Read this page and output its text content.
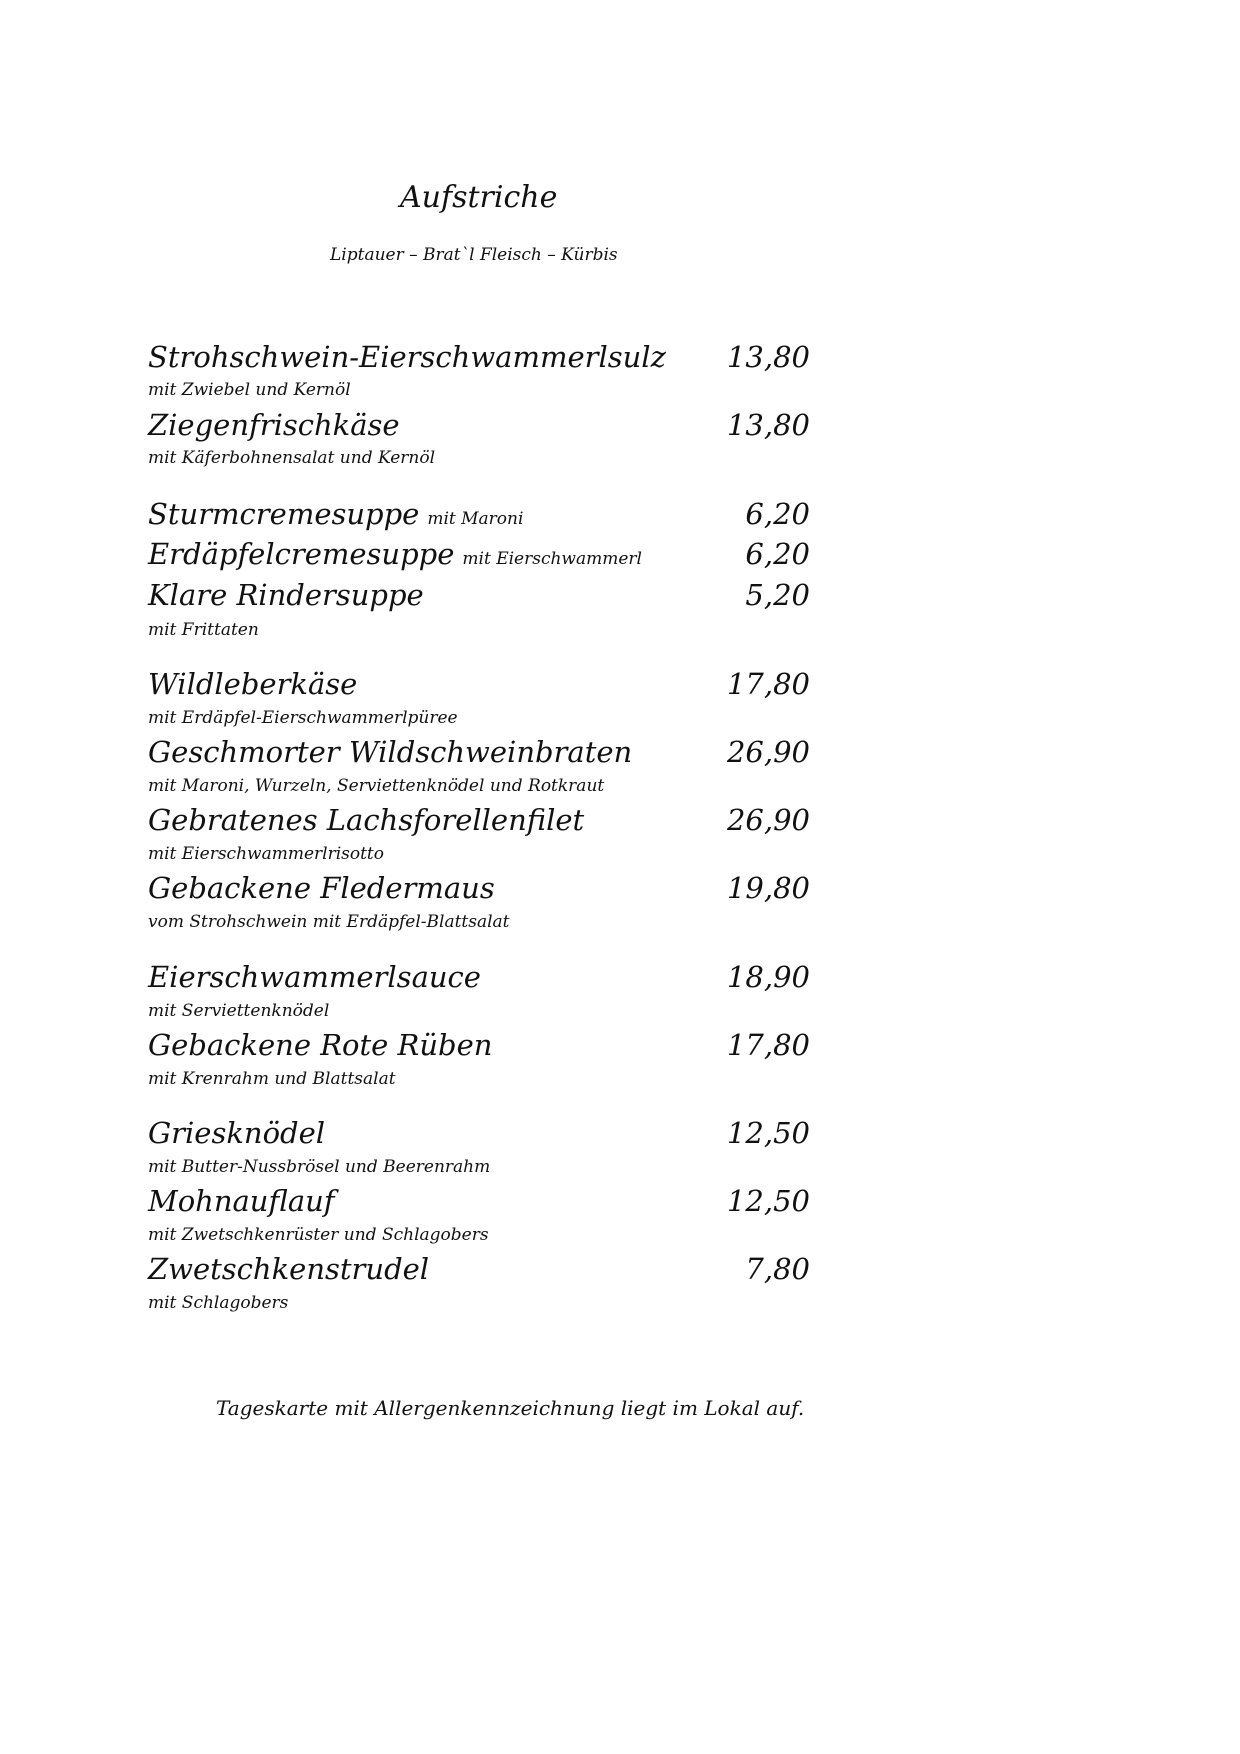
Aufstriche
Liptauer – Brat`l Fleisch – Kürbis
Strohschwein-Eierschwammerlsulz	13,80
mit Zwiebel und Kernöl
Ziegenfrischkäse	13,80
mit Käferbohnensalat und Kernöl
Sturmcremesuppe mit Maroni	6,20
Erdäpfelcremesuppe mit Eierschwammerl	6,20
Klare Rindersuppe	5,20
mit Frittaten
Wildleberkäse	17,80
mit Erdäpfel-Eierschwammerlpüree
Geschmorter Wildschweinbraten	26,90
mit Maroni, Wurzeln, Serviettenknödel und Rotkraut
Gebratenes Lachsforellenfilet	26,90
mit Eierschwammerlrisotto
Gebackene Fledermaus	19,80
vom Strohschwein mit Erdäpfel-Blattsalat
Eierschwammerlsauce	18,90
mit Serviettenknödel
Gebackene Rote Rüben	17,80
mit Krenrahm und Blattsalat
Griesknödel	12,50
mit Butter-Nussbrösel und Beerenrahm
Mohnauflauf	12,50
mit Zwetschkenrüster und Schlagobers
Zwetschkenstrudel	7,80
mit Schlagobers
Tageskarte mit Allergenkennzeichnung liegt im Lokal auf.
